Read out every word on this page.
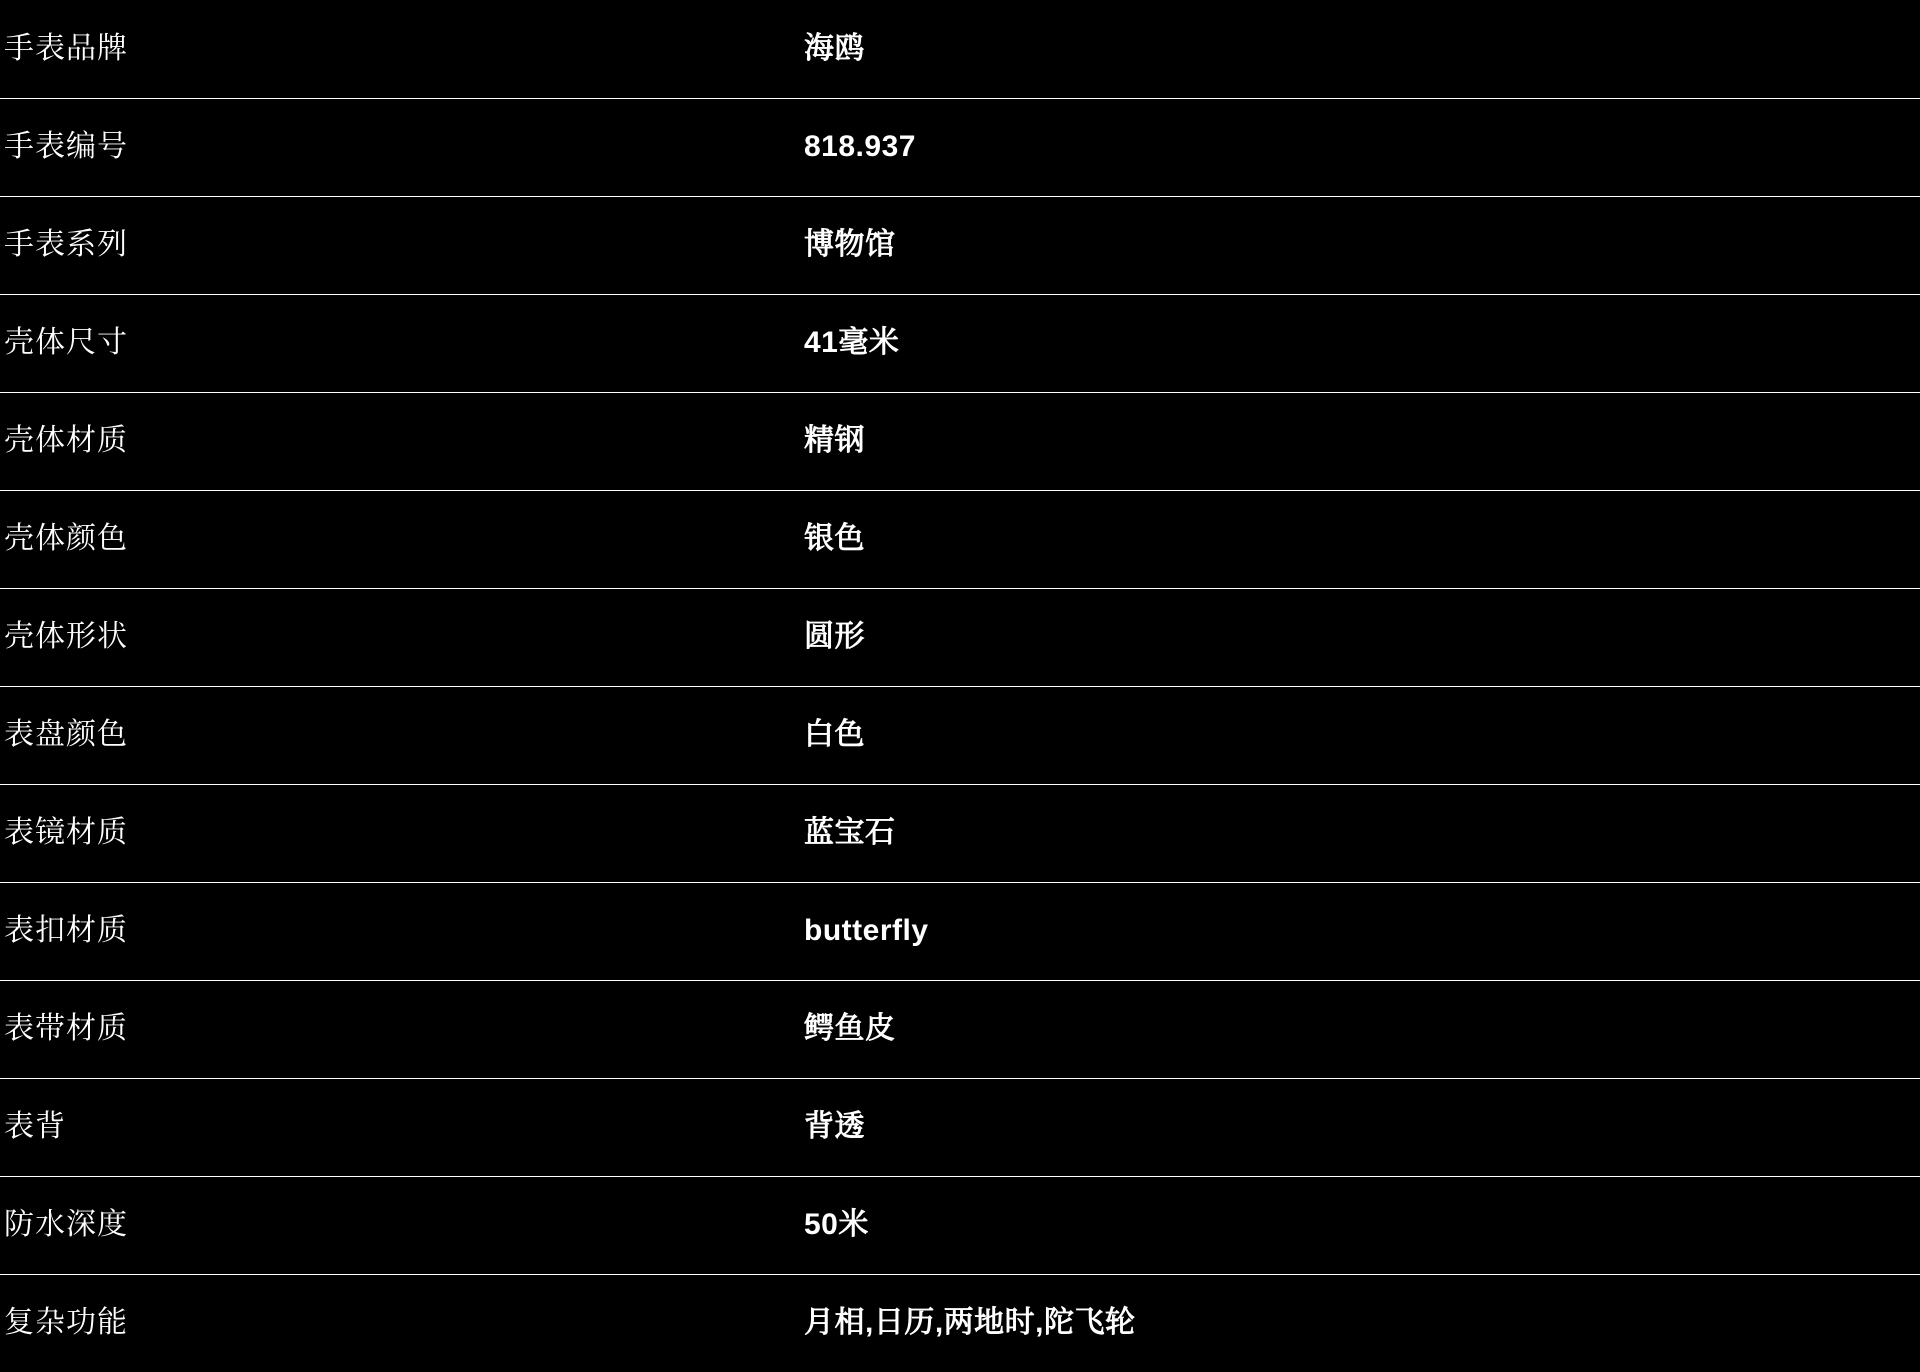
手表品牌	海鸥
手表编号	818.937
手表系列	博物馆
壳体尺寸	41毫米
壳体材质	精钢
壳体颜色	银色
壳体形状	圆形
表盘颜色	白色
表镜材质	蓝宝石
表扣材质	butterfly
表带材质	鳄鱼皮
表背	背透
防水深度	50米
复杂功能	月相,日历,两地时,陀飞轮
